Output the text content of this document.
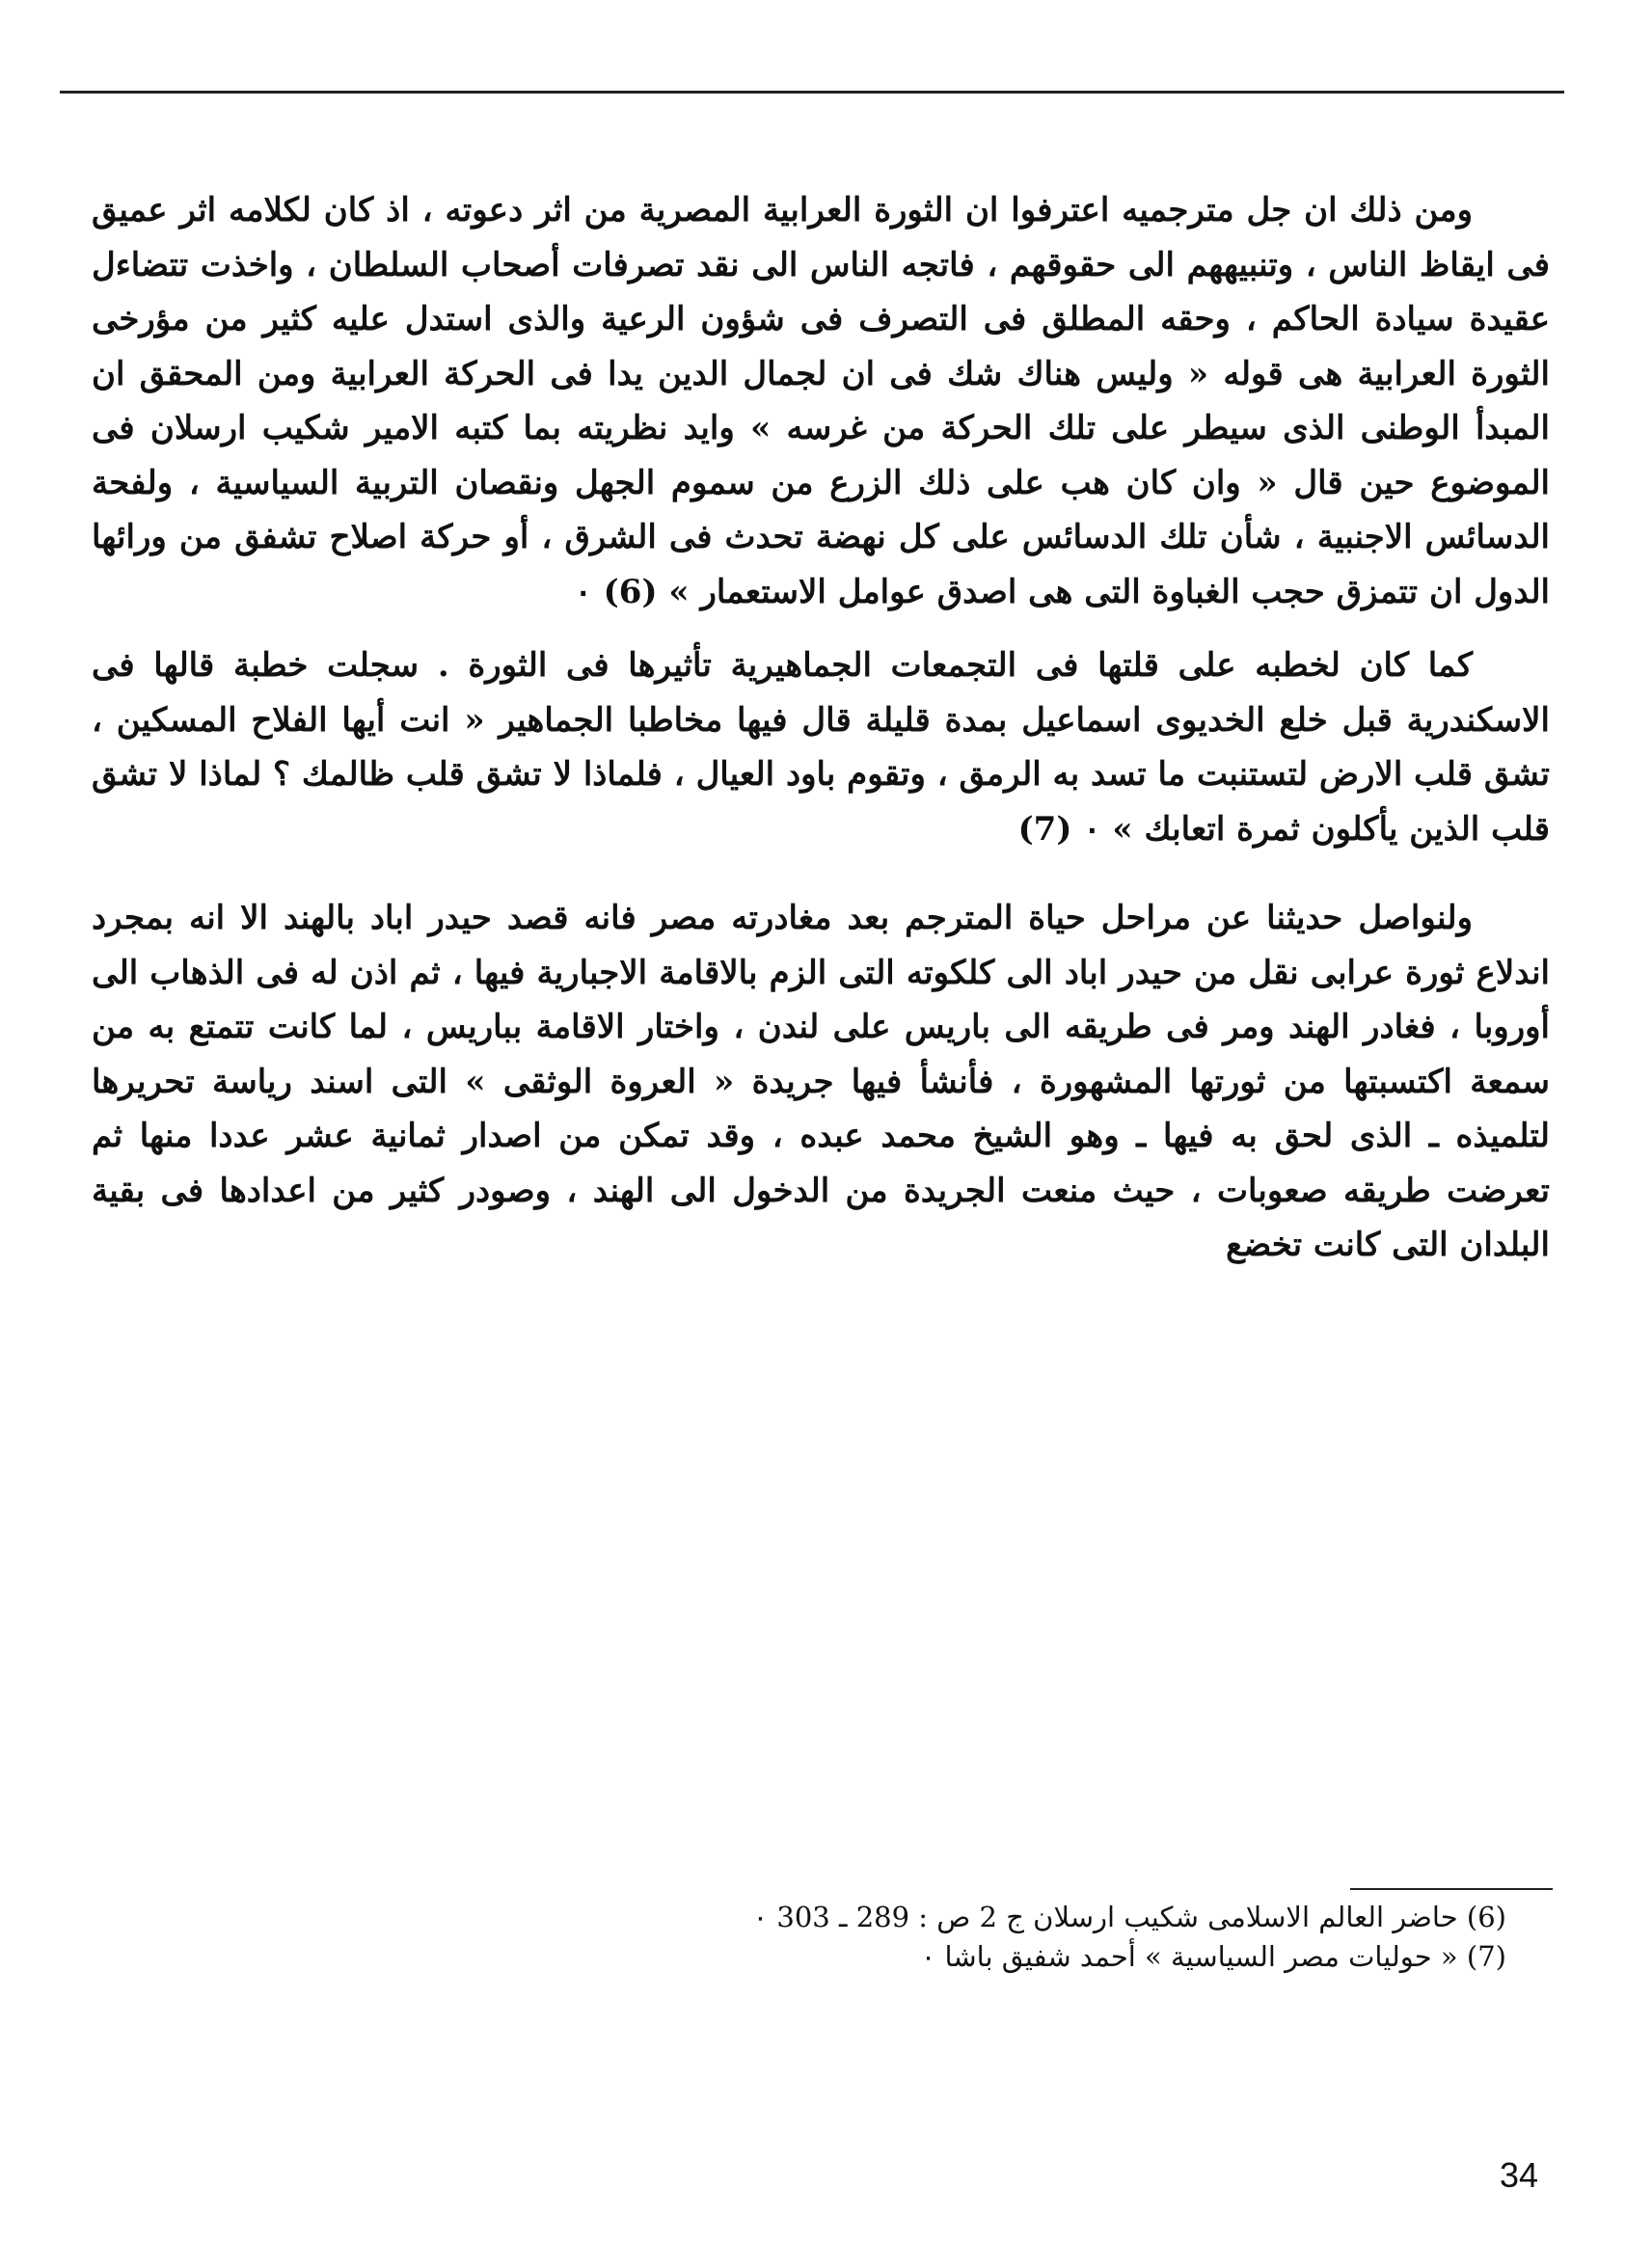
ومن ذلك ان جل مترجميه اعترفوا ان الثورة العرابية المصرية من اثر دعوته ، اذ كان لكلامه اثر عميق فى ايقاظ الناس ، وتنبيههم الى حقوقهم ، فاتجه الناس الى نقد تصرفات أصحاب السلطان ، واخذت تتضاءل عقيدة سيادة الحاكم ، وحقه المطلق فى التصرف فى شؤون الرعية والذى استدل عليه كثير من مؤرخى الثورة العرابية هى قوله « وليس هناك شك فى ان لجمال الدين يدا فى الحركة العرابية ومن المحقق ان المبدأ الوطنى الذى سيطر على تلك الحركة من غرسه » وايد نظريته بما كتبه الامير شكيب ارسلان فى الموضوع حين قال « وان كان هب على ذلك الزرع من سموم الجهل ونقصان التربية السياسية ، ولفحة الدسائس الاجنبية ، شأن تلك الدسائس على كل نهضة تحدث فى الشرق ، أو حركة اصلاح تشفق من ورائها الدول ان تتمزق حجب الغباوة التى هى اصدق عوامل الاستعمار » (6) ٠

كما كان لخطبه على قلتها فى التجمعات الجماهيرية تأثيرها فى الثورة . سجلت خطبة قالها فى الاسكندرية قبل خلع الخديوى اسماعيل بمدة قليلة قال فيها مخاطبا الجماهير « انت أيها الفلاح المسكين ، تشق قلب الارض لتستنبت ما تسد به الرمق ، وتقوم باود العيال ، فلماذا لا تشق قلب ظالمك ؟ لماذا لا تشق قلب الذين يأكلون ثمرة اتعابك » ٠ (7)

ولنواصل حديثنا عن مراحل حياة المترجم بعد مغادرته مصر فانه قصد حيدر اباد بالهند الا انه بمجرد اندلاع ثورة عرابى نقل من حيدر اباد الى كلكوته التى الزم بالاقامة الاجبارية فيها ، ثم اذن له فى الذهاب الى أوروبا ، فغادر الهند ومر فى طريقه الى باريس على لندن ، واختار الاقامة بباريس ، لما كانت تتمتع به من سمعة اكتسبتها من ثورتها المشهورة ، فأنشأ فيها جريدة « العروة الوثقى » التى اسند رياسة تحريرها لتلميذه ـ الذى لحق به فيها ـ وهو الشيخ محمد عبده ، وقد تمكن من اصدار ثمانية عشر عددا منها ثم تعرضت طريقه صعوبات ، حيث منعت الجريدة من الدخول الى الهند ، وصودر كثير من اعدادها فى بقية البلدان التى كانت تخضع

(6) حاضر العالم الاسلامى شكيب ارسلان ج 2 ص : 289 ـ 303 ٠

(7) « حوليات مصر السياسية » أحمد شفيق باشا ٠

34
